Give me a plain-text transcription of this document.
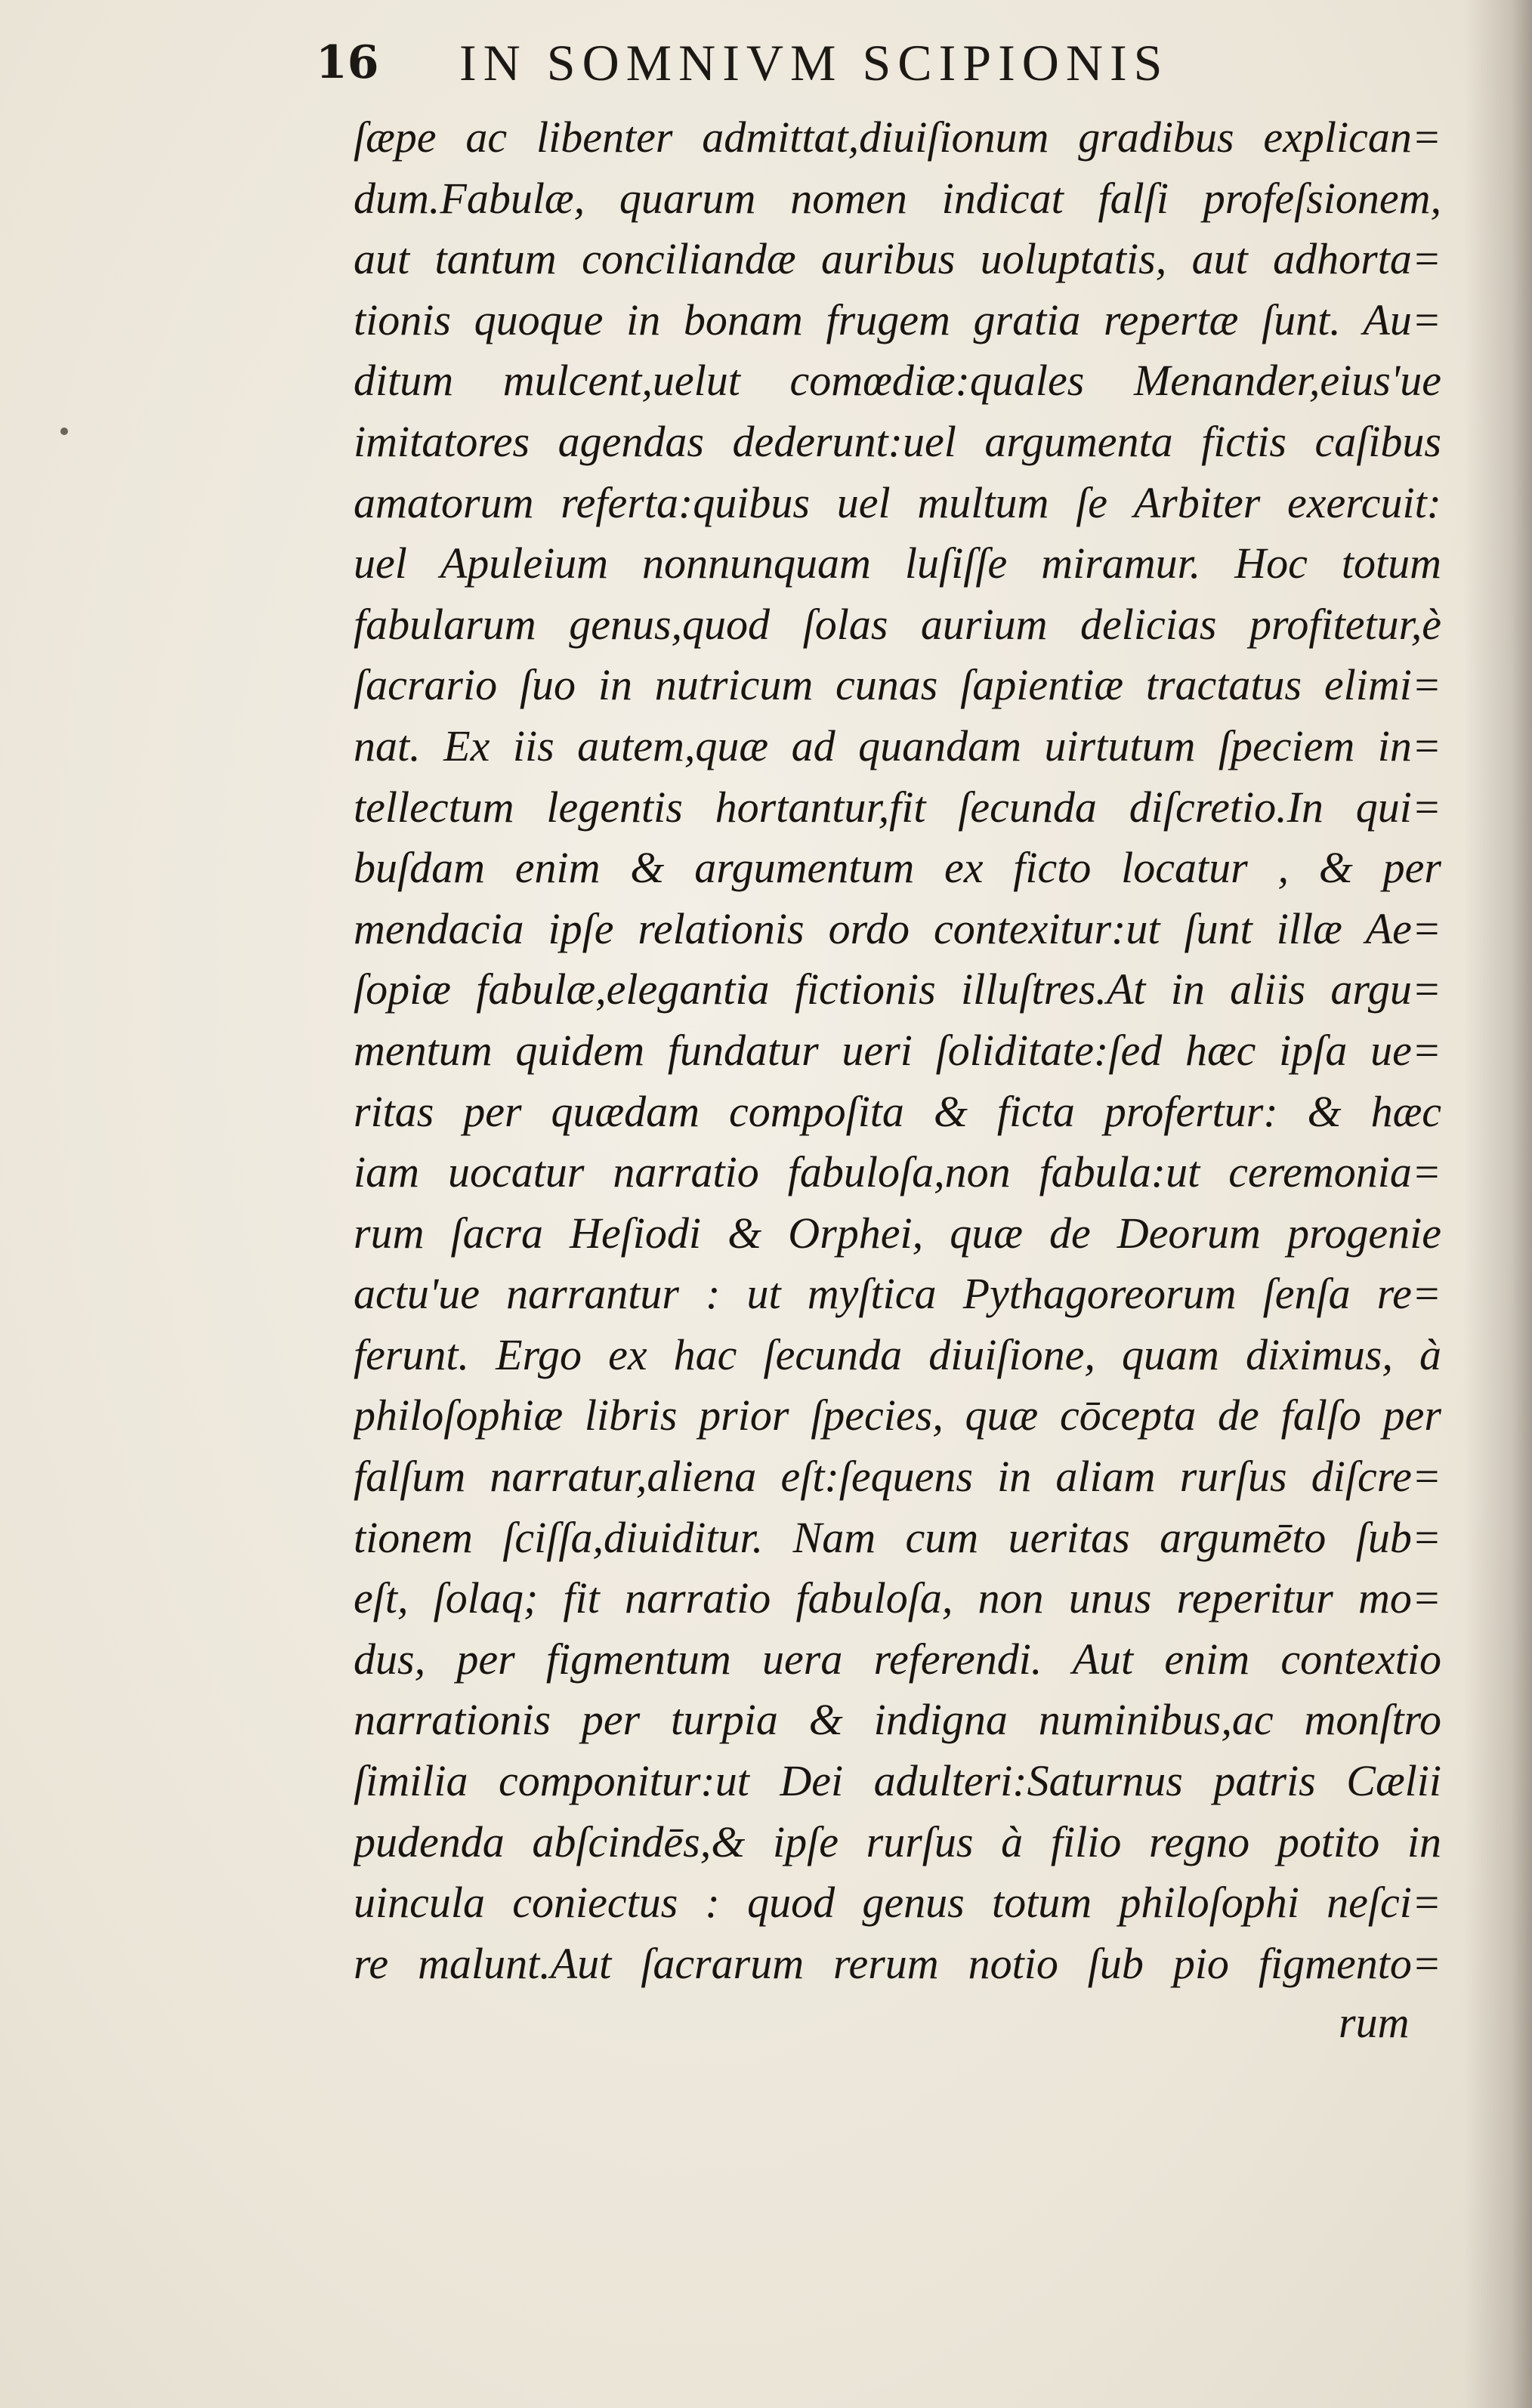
16 IN SOMNIVM SCIPIONIS
ſæpe ac libenter admittat,diuiſionum gradibus explican=
dum.Fabulæ, quarum nomen indicat falſi profeſsionem,
aut tantum conciliandæ auribus uoluptatis, aut adhorta=
tionis quoque in bonam frugem gratia repertæ ſunt. Au=
ditum mulcent,uelut comœdiæ:quales Menander,eius'ue
imitatores agendas dederunt:uel argumenta fictis caſibus
amatorum referta:quibus uel multum ſe Arbiter exercuit:
uel Apuleium nonnunquam luſiſſe miramur. Hoc totum
fabularum genus,quod ſolas aurium delicias profitetur,è
ſacrario ſuo in nutricum cunas ſapientiæ tractatus elimi=
nat. Ex iis autem,quæ ad quandam uirtutum ſpeciem in=
tellectum legentis hortantur,fit ſecunda diſcretio.In qui=
buſdam enim & argumentum ex ficto locatur , & per
mendacia ipſe relationis ordo contexitur:ut ſunt illæ Ae=
ſopiæ fabulæ,elegantia fictionis illuſtres.At in aliis argu=
mentum quidem fundatur ueri ſoliditate:ſed hæc ipſa ue=
ritas per quædam compoſita & ficta profertur: & hæc
iam uocatur narratio fabuloſa,non fabula:ut ceremonia=
rum ſacra Heſiodi & Orphei, quæ de Deorum progenie
actu'ue narrantur : ut myſtica Pythagoreorum ſenſa re=
ferunt. Ergo ex hac ſecunda diuiſione, quam diximus, à
philoſophiæ libris prior ſpecies, quæ cōcepta de falſo per
falſum narratur,aliena eſt:ſequens in aliam rurſus diſcre=
tionem ſciſſa,diuiditur. Nam cum ueritas argumēto ſub=
eſt, ſolaq; fit narratio fabuloſa, non unus reperitur mo=
dus, per figmentum uera referendi. Aut enim contextio
narrationis per turpia & indigna numinibus,ac monſtro
ſimilia componitur:ut Dei adulteri:Saturnus patris Cælii
pudenda abſcindēs,& ipſe rurſus à filio regno potito in
uincula coniectus : quod genus totum philoſophi neſci=
re malunt.Aut ſacrarum rerum notio ſub pio figmento=
rum
